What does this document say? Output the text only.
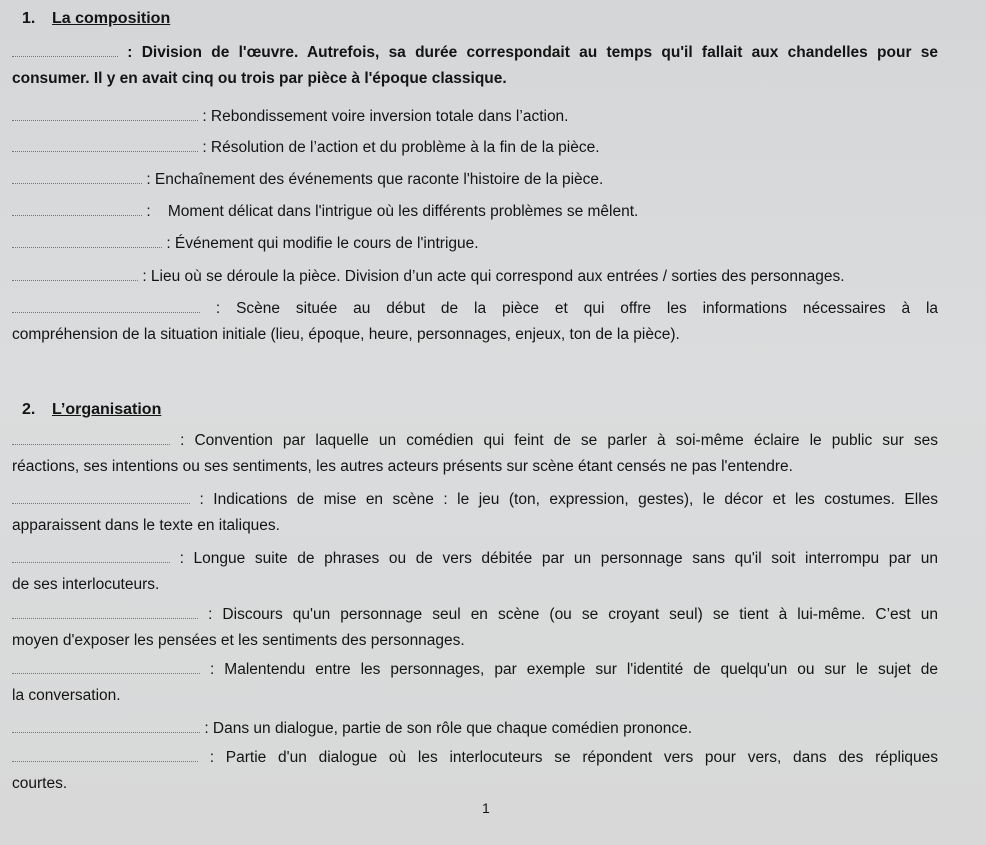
1. La composition
: Division de l'œuvre. Autrefois, sa durée correspondait au temps qu'il fallait aux chandelles pour se
consumer. Il y en avait cinq ou trois par pièce à l'époque classique.
: Rebondissement voire inversion totale dans l’action.
: Résolution de l’action et du problème à la fin de la pièce.
: Enchaînement des événements que raconte l'histoire de la pièce.
:    Moment délicat dans l'intrigue où les différents problèmes se mêlent.
: Événement qui modifie le cours de l'intrigue.
: Lieu où se déroule la pièce. Division d’un acte qui correspond aux entrées / sorties des personnages.
: Scène située au début de la pièce et qui offre les informations nécessaires à la
compréhension de la situation initiale (lieu, époque, heure, personnages, enjeux, ton de la pièce).
2. L’organisation
: Convention par laquelle un comédien qui feint de se parler à soi-même éclaire le public sur ses
réactions, ses intentions ou ses sentiments, les autres acteurs présents sur scène étant censés ne pas l'entendre.
: Indications de mise en scène : le jeu (ton, expression, gestes), le décor et les costumes. Elles
apparaissent dans le texte en italiques.
: Longue suite de phrases ou de vers débitée par un personnage sans qu'il soit interrompu par un
de ses interlocuteurs.
: Discours qu'un personnage seul en scène (ou se croyant seul) se tient à lui-même. C’est un
moyen d'exposer les pensées et les sentiments des personnages.
: Malentendu entre les personnages, par exemple sur l'identité de quelqu'un ou sur le sujet de
la conversation.
: Dans un dialogue, partie de son rôle que chaque comédien prononce.
: Partie d'un dialogue où les interlocuteurs se répondent vers pour vers, dans des répliques
courtes.
1
